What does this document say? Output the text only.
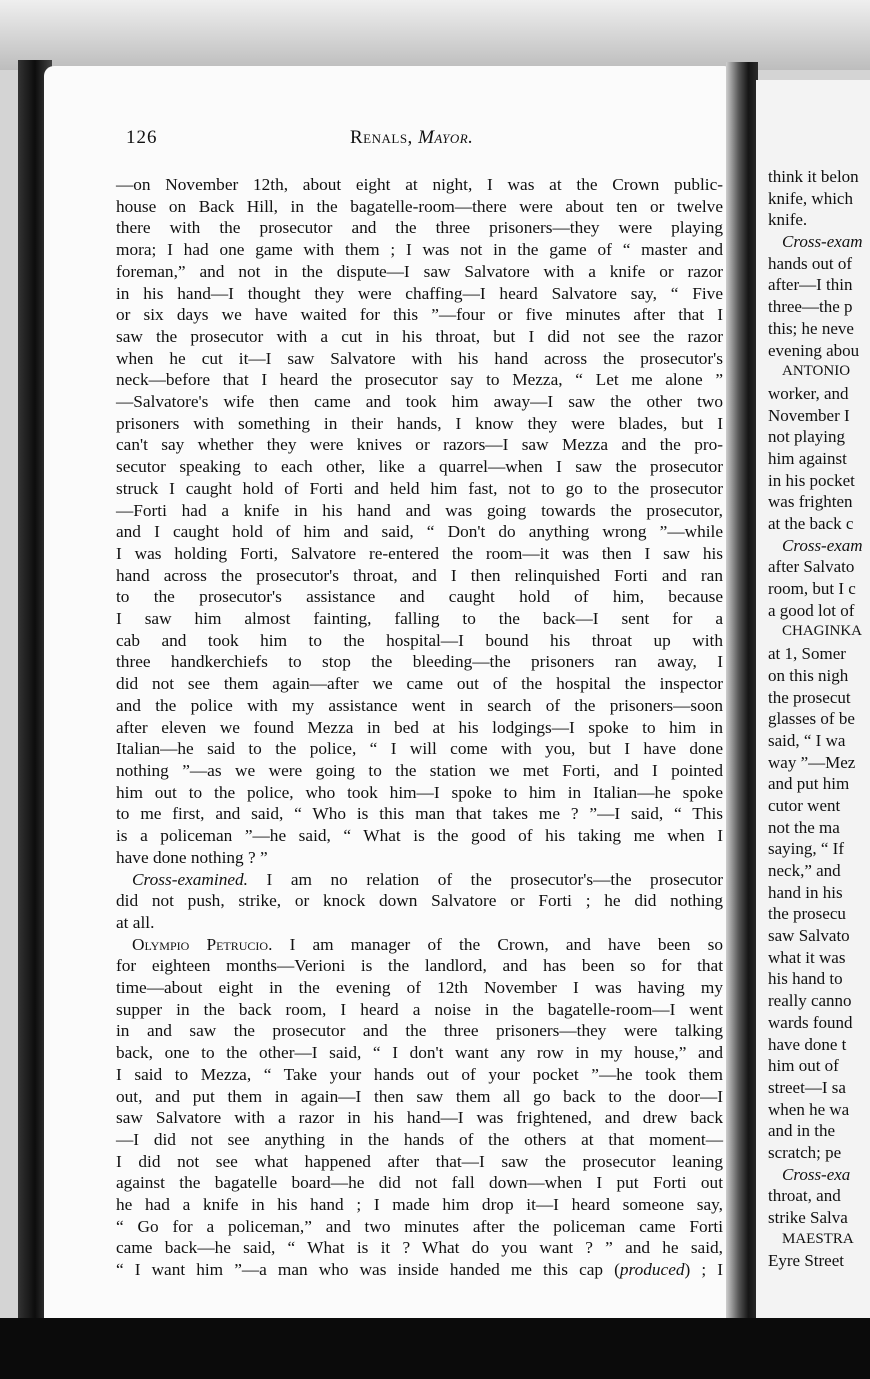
think it belon
knife, which
knife.
Cross-exam
hands out of
after—I thin
three—the p
this; he neve
evening abou
ANTONIO
worker, and
November I
not playing
him against
in his pocket
was frighten
at the back c
Cross-exam
after Salvato
room, but I c
a good lot of
CHAGINKA
at 1, Somer
on this nigh
the prosecut
glasses of be
said, “ I wa
way ”—Mez
and put him
cutor went
not the ma
saying, “ If
neck,” and
hand in his
the prosecu
saw Salvato
what it was
his hand to
really canno
wards found
have done t
him out of
street—I sa
when he wa
and in the
scratch; pe
Cross-exa
throat, and
strike Salva
MAESTRA
Eyre Street
126	Renals, Mayor.
—on November 12th, about eight at night, I was at the Crown public-
house on Back Hill, in the bagatelle-room—there were about ten or twelve
there with the prosecutor and the three prisoners—they were playing
mora; I had one game with them ; I was not in the game of “ master and
foreman,” and not in the dispute—I saw Salvatore with a knife or razor
in his hand—I thought they were chaffing—I heard Salvatore say, “ Five
or six days we have waited for this ”—four or five minutes after that I
saw the prosecutor with a cut in his throat, but I did not see the razor
when he cut it—I saw Salvatore with his hand across the prosecutor's
neck—before that I heard the prosecutor say to Mezza, “ Let me alone ”
—Salvatore's wife then came and took him away—I saw the other two
prisoners with something in their hands, I know they were blades, but I
can't say whether they were knives or razors—I saw Mezza and the pro-
secutor speaking to each other, like a quarrel—when I saw the prosecutor
struck I caught hold of Forti and held him fast, not to go to the prosecutor
—Forti had a knife in his hand and was going towards the prosecutor,
and I caught hold of him and said, “ Don't do anything wrong ”—while
I was holding Forti, Salvatore re-entered the room—it was then I saw his
hand across the prosecutor's throat, and I then relinquished Forti and ran
to the prosecutor's assistance and caught hold of him, because
I saw him almost fainting, falling to the back—I sent for a
cab and took him to the hospital—I bound his throat up with
three handkerchiefs to stop the bleeding—the prisoners ran away, I
did not see them again—after we came out of the hospital the inspector
and the police with my assistance went in search of the prisoners—soon
after eleven we found Mezza in bed at his lodgings—I spoke to him in
Italian—he said to the police, “ I will come with you, but I have done
nothing ”—as we were going to the station we met Forti, and I pointed
him out to the police, who took him—I spoke to him in Italian—he spoke
to me first, and said, “ Who is this man that takes me ? ”—I said, “ This
is a policeman ”—he said, “ What is the good of his taking me when I
have done nothing ? ”
Cross-examined. I am no relation of the prosecutor's—the prosecutor
did not push, strike, or knock down Salvatore or Forti ; he did nothing
at all.
Olympio Petrucio. I am manager of the Crown, and have been so
for eighteen months—Verioni is the landlord, and has been so for that
time—about eight in the evening of 12th November I was having my
supper in the back room, I heard a noise in the bagatelle-room—I went
in and saw the prosecutor and the three prisoners—they were talking
back, one to the other—I said, “ I don't want any row in my house,” and
I said to Mezza, “ Take your hands out of your pocket ”—he took them
out, and put them in again—I then saw them all go back to the door—I
saw Salvatore with a razor in his hand—I was frightened, and drew back
—I did not see anything in the hands of the others at that moment—
I did not see what happened after that—I saw the prosecutor leaning
against the bagatelle board—he did not fall down—when I put Forti out
he had a knife in his hand ; I made him drop it—I heard someone say,
“ Go for a policeman,” and two minutes after the policeman came Forti
came back—he said, “ What is it ? What do you want ? ” and he said,
“ I want him ”—a man who was inside handed me this cap (produced) ; I
